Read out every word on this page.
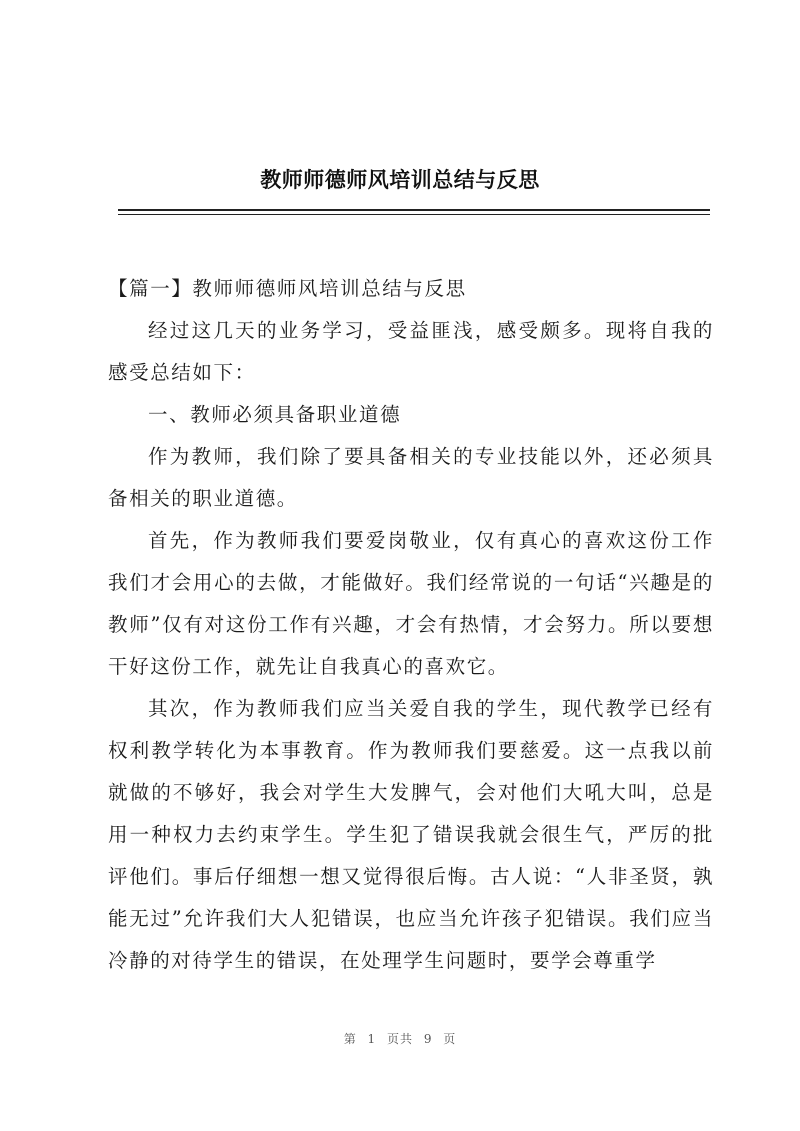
教师师德师风培训总结与反思

【篇一】教师师德师风培训总结与反思

经过这几天的业务学习，受益匪浅，感受颇多。现将自我的感受总结如下：

一、教师必须具备职业道德

作为教师，我们除了要具备相关的专业技能以外，还必须具备相关的职业道德。

首先，作为教师我们要爱岗敬业，仅有真心的喜欢这份工作我们才会用心的去做，才能做好。我们经常说的一句话“兴趣是的教师”仅有对这份工作有兴趣，才会有热情，才会努力。所以要想干好这份工作，就先让自我真心的喜欢它。

其次，作为教师我们应当关爱自我的学生，现代教学已经有权利教学转化为本事教育。作为教师我们要慈爱。这一点我以前就做的不够好，我会对学生大发脾气，会对他们大吼大叫，总是用一种权力去约束学生。学生犯了错误我就会很生气，严厉的批评他们。事后仔细想一想又觉得很后悔。古人说：“人非圣贤，孰能无过”允许我们大人犯错误，也应当允许孩子犯错误。我们应当冷静的对待学生的错误，在处理学生问题时，要学会尊重学

第 1 页共 9 页
